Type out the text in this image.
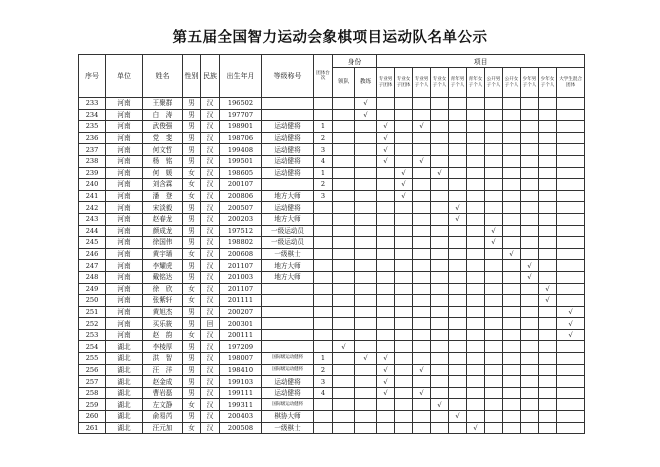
第五届全国智力运动会象棋项目运动队名单公示
序号	单位	姓名	性别	民族	出生年月	等级称号	团体台次	身份		项目										
								领队	教练	专业男子团体	专业女子团体	专业男子个人	专业女子个人	青年男子个人	青年女子个人	公开男子个人	公开女子个人	少年男子个人	少年女子个人	大学生混合团体
233	河南	王聚群	男	汉	196502				√											
234	河南	白　涛	男	汉	197707				√											
235	河南	武俊强	男	汉	198901	运动健将	1			√		√								
236	河南	党　斐	男	汉	198706	运动健将	2			√										
237	河南	何文哲	男	汉	199408	运动健将	3			√										
238	河南	杨　铭	男	汉	199501	运动健将	4			√		√								
239	河南	何　媛	女	汉	198605	运动健将	1				√		√							
240	河南	刘含霖	女	汉	200107		2				√									
241	河南	潘　登	女	汉	200806	地方大师	3				√									
242	河南	宋淡毅	男	汉	200507	运动健将								√						
243	河南	赵春龙	男	汉	200203	地方大师								√						
244	河南	颜成龙	男	汉	197512	一级运动员										√				
245	河南	徐国伟	男	汉	198802	一级运动员										√				
246	河南	黄宇璠	女	汉	200608	一级棋士											√			
247	河南	李耀虎	男	汉	201107	地方大师												√		
248	河南	戴铭达	男	汉	201003	地方大师												√		
249	河南	徐　欣	女	汉	201107														√	
250	河南	张紫轩	女	汉	201111														√	
251	河南	黄旭杰	男	汉	200207															√
252	河南	买乐筱	男	回	200301															√
253	河南	赵　韵	女	汉	200111															√
254	湖北	李棱厚	男	汉	197209			√												
255	湖北	洪　智	男	汉	198007	国际级运动健将	1		√	√										
256	湖北	汪　洋	男	汉	198410	国际级运动健将	2			√		√								
257	湖北	赵金成	男	汉	199103	运动健将	3			√										
258	湖北	曹岩磊	男	汉	199111	运动健将	4			√		√								
259	湖北	左文静	女	汉	199311	国际级运动健将							√							
260	湖北	俞易芮	男	汉	200403	棋协大师								√						
261	湖北	汪元加	女	汉	200508	一级棋士									√					
